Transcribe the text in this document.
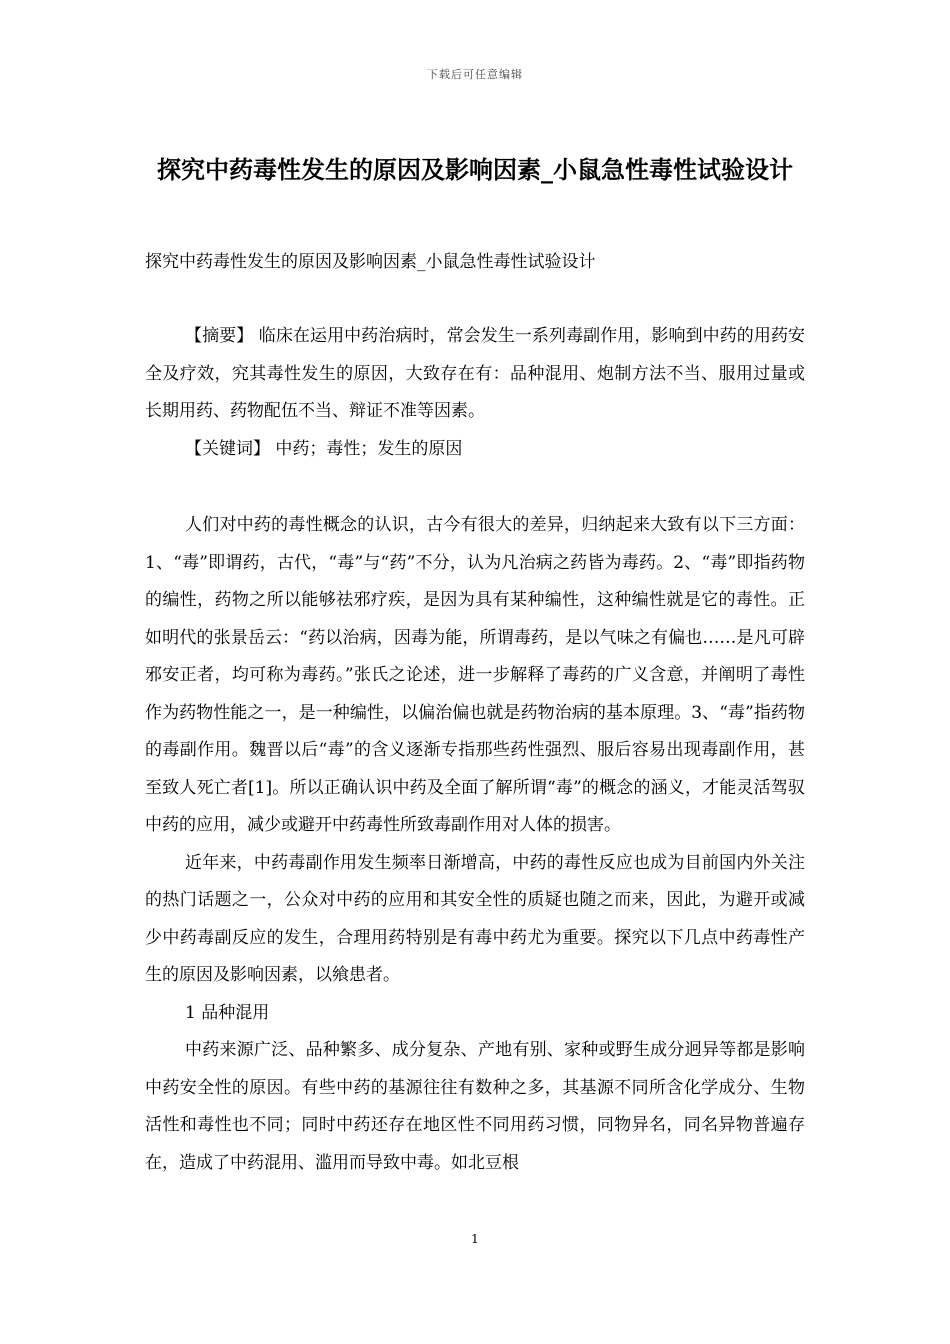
下载后可任意编辑
探究中药毒性发生的原因及影响因素_小鼠急性毒性试验设计
探究中药毒性发生的原因及影响因素_小鼠急性毒性试验设计

【摘要】 临床在运用中药治病时，常会发生一系列毒副作用，影响到中药的用药安全及疗效，究其毒性发生的原因，大致存在有：品种混用、炮制方法不当、服用过量或长期用药、药物配伍不当、辩证不准等因素。

【关键词】 中药；毒性；发生的原因

人们对中药的毒性概念的认识，古今有很大的差异，归纳起来大致有以下三方面：1、“毒”即谓药，古代，“毒”与“药”不分，认为凡治病之药皆为毒药。2、“毒”即指药物的编性，药物之所以能够祛邪疗疾，是因为具有某种编性，这种编性就是它的毒性。正如明代的张景岳云：“药以治病，因毒为能，所谓毒药，是以气味之有偏也……是凡可辟邪安正者，均可称为毒药。”张氏之论述，进一步解释了毒药的广义含意，并阐明了毒性作为药物性能之一，是一种编性，以偏治偏也就是药物治病的基本原理。3、“毒”指药物的毒副作用。魏晋以后“毒”的含义逐渐专指那些药性强烈、服后容易出现毒副作用，甚至致人死亡者[1]。所以正确认识中药及全面了解所谓“毒”的概念的涵义，才能灵活驾驭中药的应用，减少或避开中药毒性所致毒副作用对人体的损害。

近年来，中药毒副作用发生频率日渐增高，中药的毒性反应也成为目前国内外关注的热门话题之一，公众对中药的应用和其安全性的质疑也随之而来，因此，为避开或减少中药毒副反应的发生，合理用药特别是有毒中药尤为重要。探究以下几点中药毒性产生的原因及影响因素，以飨患者。

1 品种混用

中药来源广泛、品种繁多、成分复杂、产地有别、家种或野生成分迥异等都是影响中药安全性的原因。有些中药的基源往往有数种之多，其基源不同所含化学成分、生物活性和毒性也不同；同时中药还存在地区性不同用药习惯，同物异名，同名异物普遍存在，造成了中药混用、滥用而导致中毒。如北豆根

1
